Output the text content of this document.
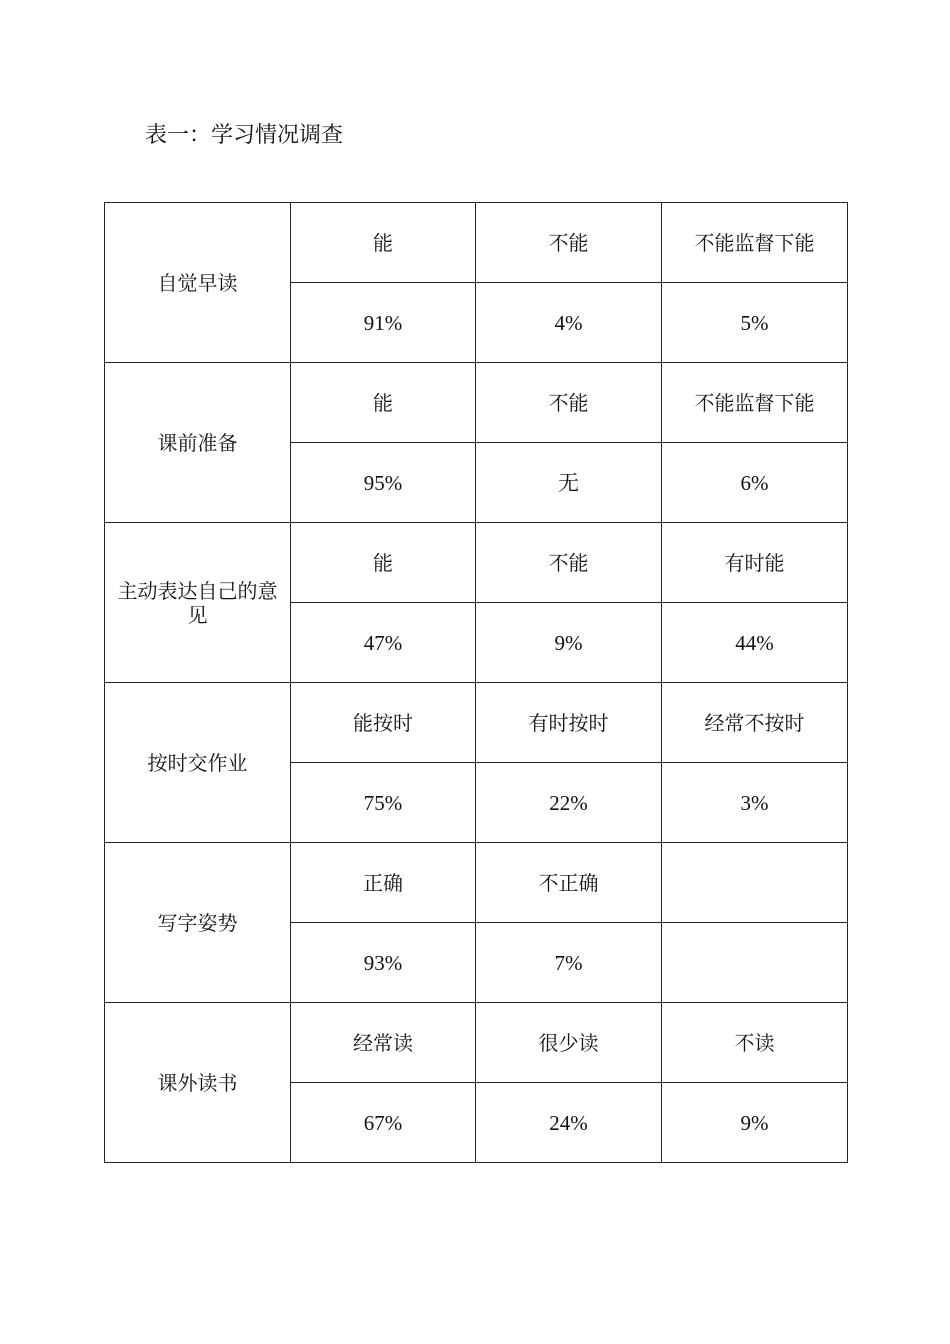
表一：学习情况调查
自觉早读	能	不能	不能监督下能
	91%	4%	5%
课前准备	能	不能	不能监督下能
	95%	无	6%
主动表达自己的意见	能	不能	有时能
	47%	9%	44%
按时交作业	能按时	有时按时	经常不按时
	75%	22%	3%
写字姿势	正确	不正确	
	93%	7%	
课外读书	经常读	很少读	不读
	67%	24%	9%
